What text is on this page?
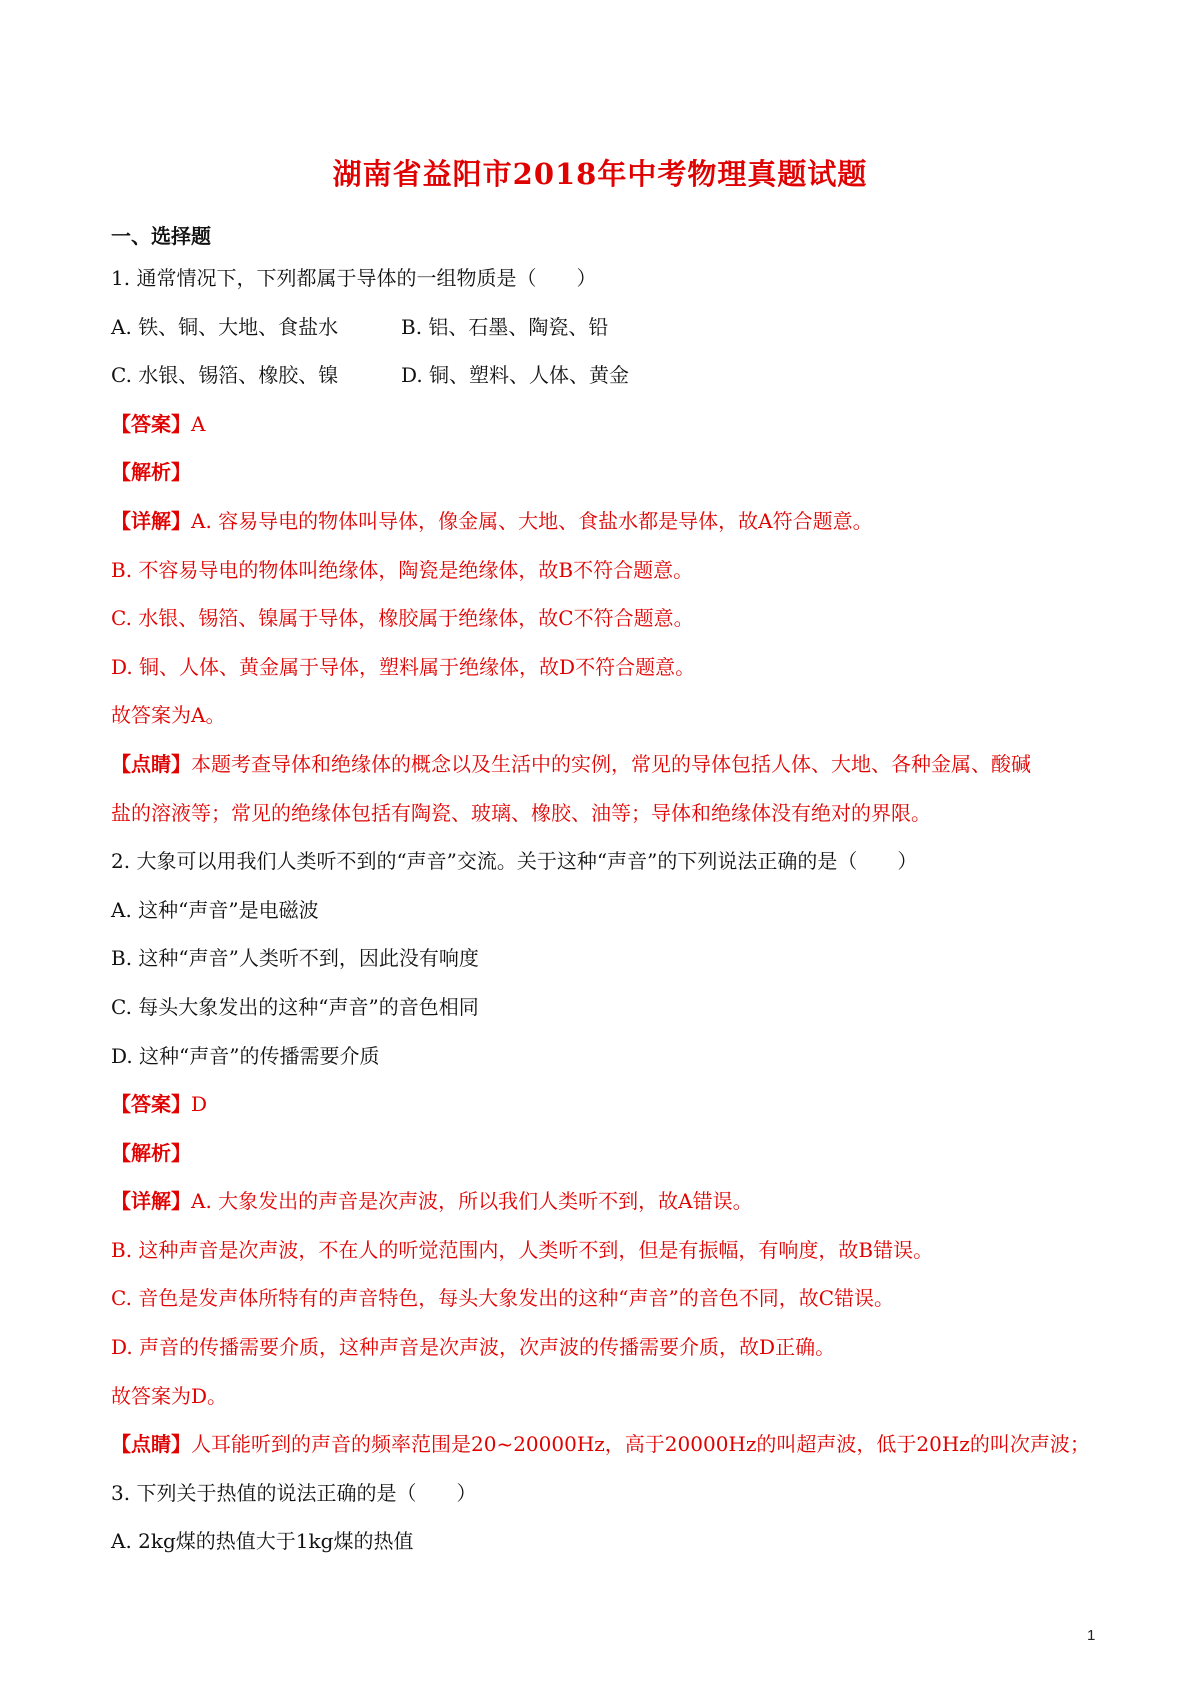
湖南省益阳市2018年中考物理真题试题
一、选择题
1. 通常情况下，下列都属于导体的一组物质是（　　）
A. 铁、铜、大地、食盐水	B. 铝、石墨、陶瓷、铅
C. 水银、锡箔、橡胶、镍	D. 铜、塑料、人体、黄金
【答案】A
【解析】
【详解】A. 容易导电的物体叫导体，像金属、大地、食盐水都是导体，故A符合题意。
B. 不容易导电的物体叫绝缘体，陶瓷是绝缘体，故B不符合题意。
C. 水银、锡箔、镍属于导体，橡胶属于绝缘体，故C不符合题意。
D. 铜、人体、黄金属于导体，塑料属于绝缘体，故D不符合题意。
故答案为A。
【点睛】本题考查导体和绝缘体的概念以及生活中的实例，常见的导体包括人体、大地、各种金属、酸碱
盐的溶液等；常见的绝缘体包括有陶瓷、玻璃、橡胶、油等；导体和绝缘体没有绝对的界限。
2. 大象可以用我们人类听不到的“声音”交流。关于这种“声音”的下列说法正确的是（　　）
A. 这种“声音”是电磁波
B. 这种“声音”人类听不到，因此没有响度
C. 每头大象发出的这种“声音”的音色相同
D. 这种“声音”的传播需要介质
【答案】D
【解析】
【详解】A. 大象发出的声音是次声波，所以我们人类听不到，故A错误。
B. 这种声音是次声波，不在人的听觉范围内，人类听不到，但是有振幅，有响度，故B错误。
C. 音色是发声体所特有的声音特色，每头大象发出的这种“声音”的音色不同，故C错误。
D. 声音的传播需要介质，这种声音是次声波，次声波的传播需要介质，故D正确。
故答案为D。
【点睛】人耳能听到的声音的频率范围是20~20000Hz，高于20000Hz的叫超声波，低于20Hz的叫次声波；
3. 下列关于热值的说法正确的是（　　）
A. 2kg煤的热值大于1kg煤的热值
1
